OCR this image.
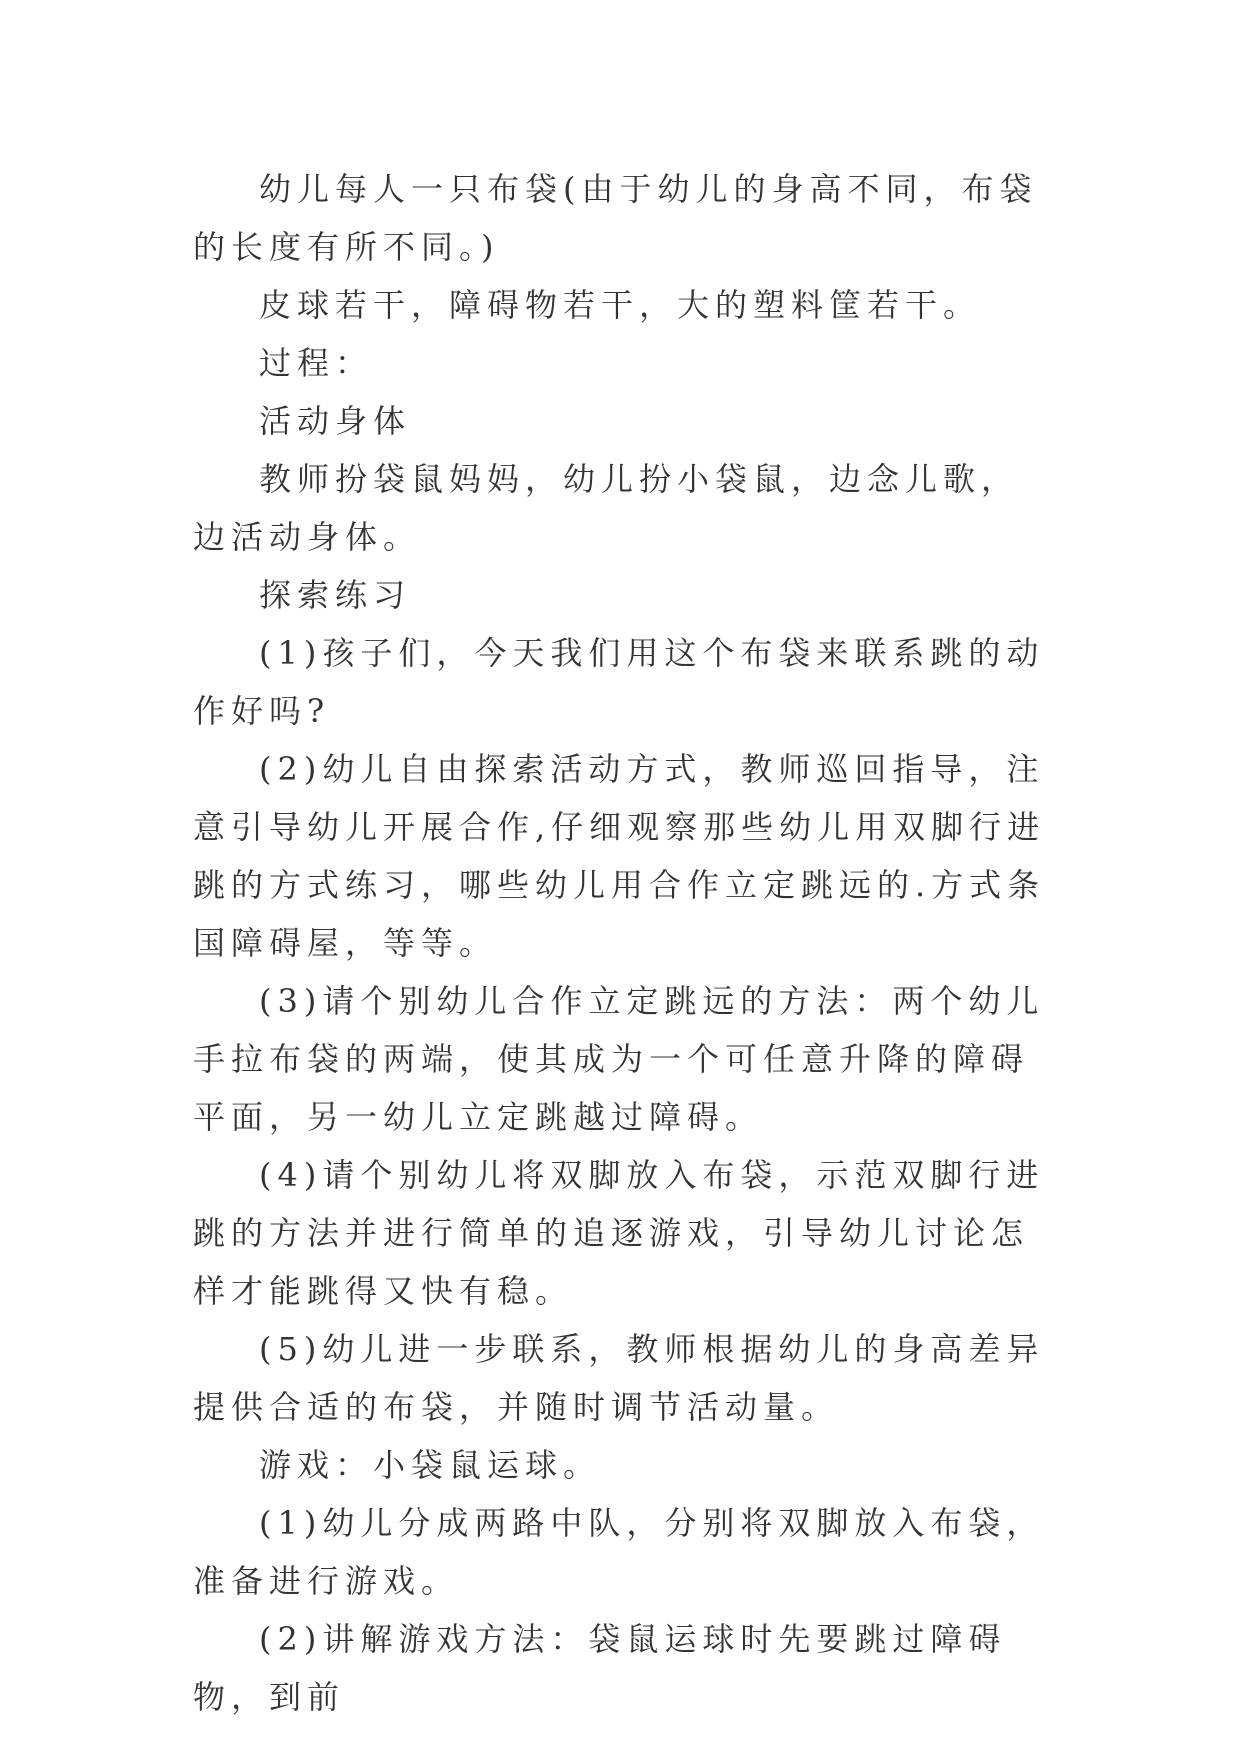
幼儿每人一只布袋(由于幼儿的身高不同，布袋的长度有所不同。)

皮球若干，障碍物若干，大的塑料筐若干。

过程：

活动身体

教师扮袋鼠妈妈，幼儿扮小袋鼠，边念儿歌，边活动身体。

探索练习

(1)孩子们，今天我们用这个布袋来联系跳的动作好吗?

(2)幼儿自由探索活动方式，教师巡回指导，注意引导幼儿开展合作,仔细观察那些幼儿用双脚行进跳的方式练习，哪些幼儿用合作立定跳远的.方式条国障碍屋，等等。

(3)请个别幼儿合作立定跳远的方法：两个幼儿手拉布袋的两端，使其成为一个可任意升降的障碍平面，另一幼儿立定跳越过障碍。

(4)请个别幼儿将双脚放入布袋，示范双脚行进跳的方法并进行简单的追逐游戏，引导幼儿讨论怎样才能跳得又快有稳。

(5)幼儿进一步联系，教师根据幼儿的身高差异提供合适的布袋，并随时调节活动量。

游戏：小袋鼠运球。

(1)幼儿分成两路中队，分别将双脚放入布袋，准备进行游戏。

(2)讲解游戏方法：袋鼠运球时先要跳过障碍物，到前
